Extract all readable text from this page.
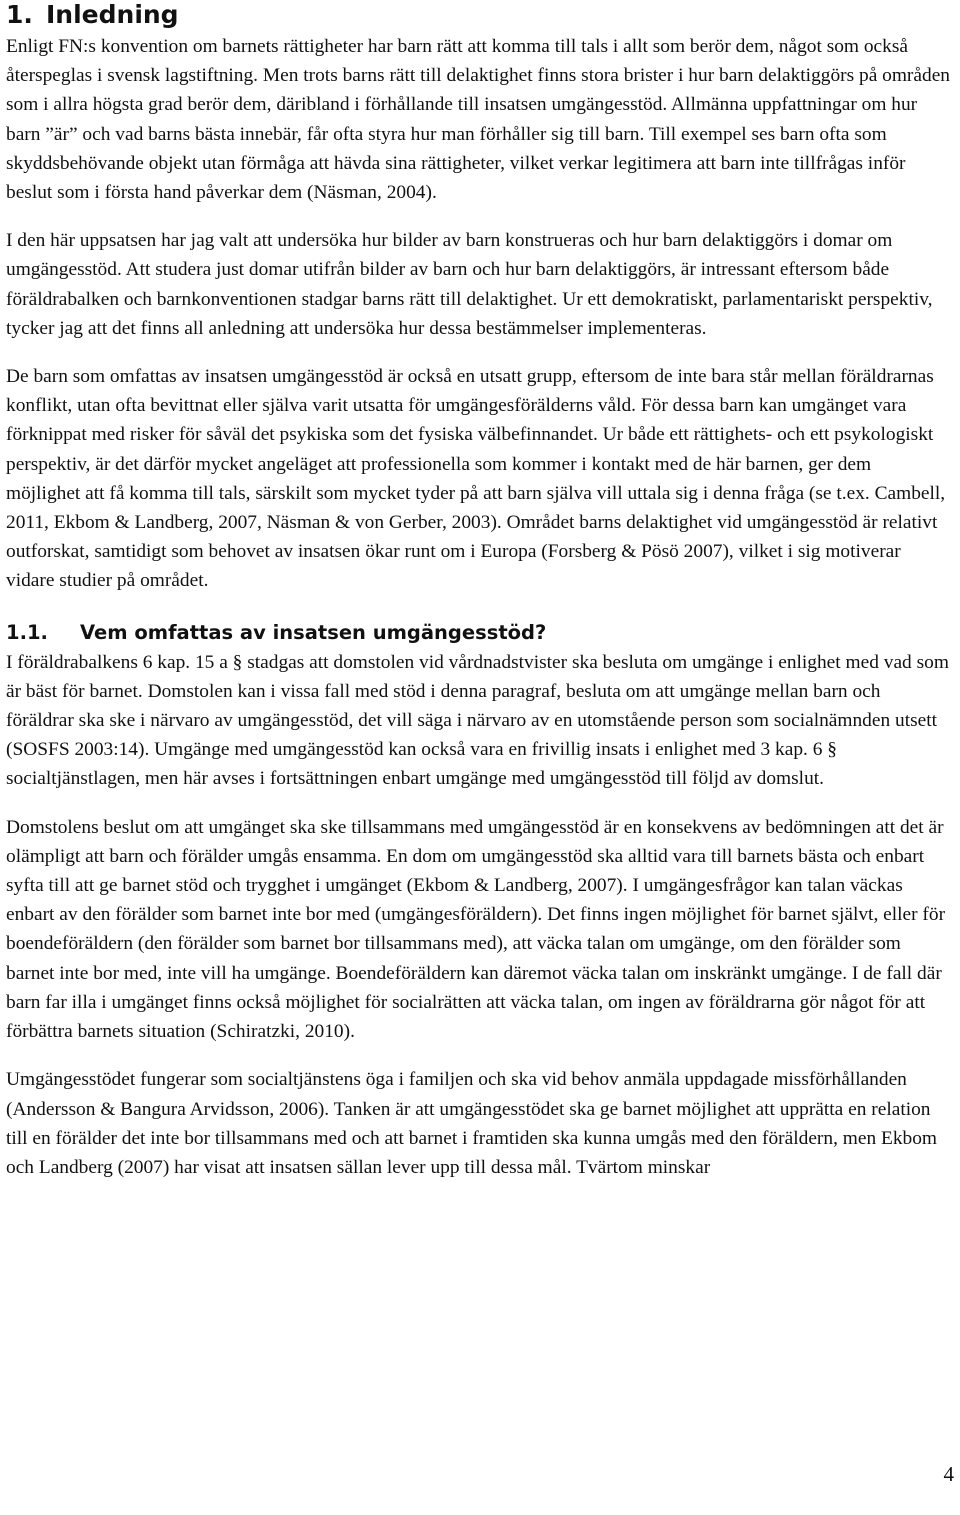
1. Inledning

Enligt FN:s konvention om barnets rättigheter har barn rätt att komma till tals i allt som berör dem, något som också återspeglas i svensk lagstiftning. Men trots barns rätt till delaktighet finns stora brister i hur barn delaktiggörs på områden som i allra högsta grad berör dem, däribland i förhållande till insatsen umgängesstöd. Allmänna uppfattningar om hur barn ”är” och vad barns bästa innebär, får ofta styra hur man förhåller sig till barn. Till exempel ses barn ofta som skyddsbehövande objekt utan förmåga att hävda sina rättigheter, vilket verkar legitimera att barn inte tillfrågas inför beslut som i första hand påverkar dem (Näsman, 2004).

I den här uppsatsen har jag valt att undersöka hur bilder av barn konstrueras och hur barn delaktiggörs i domar om umgängesstöd. Att studera just domar utifrån bilder av barn och hur barn delaktiggörs, är intressant eftersom både föräldrabalken och barnkonventionen stadgar barns rätt till delaktighet. Ur ett demokratiskt, parlamentariskt perspektiv, tycker jag att det finns all anledning att undersöka hur dessa bestämmelser implementeras.

De barn som omfattas av insatsen umgängesstöd är också en utsatt grupp, eftersom de inte bara står mellan föräldrarnas konflikt, utan ofta bevittnat eller själva varit utsatta för umgängesförälderns våld. För dessa barn kan umgänget vara förknippat med risker för såväl det psykiska som det fysiska välbefinnandet. Ur både ett rättighets- och ett psykologiskt perspektiv, är det därför mycket angeläget att professionella som kommer i kontakt med de här barnen, ger dem möjlighet att få komma till tals, särskilt som mycket tyder på att barn själva vill uttala sig i denna fråga (se t.ex. Cambell, 2011, Ekbom & Landberg, 2007, Näsman & von Gerber, 2003). Området barns delaktighet vid umgängesstöd är relativt outforskat, samtidigt som behovet av insatsen ökar runt om i Europa (Forsberg & Pösö 2007), vilket i sig motiverar vidare studier på området.

1.1. Vem omfattas av insatsen umgängesstöd?

I föräldrabalkens 6 kap. 15 a § stadgas att domstolen vid vårdnadstvister ska besluta om umgänge i enlighet med vad som är bäst för barnet. Domstolen kan i vissa fall med stöd i denna paragraf, besluta om att umgänge mellan barn och föräldrar ska ske i närvaro av umgängesstöd, det vill säga i närvaro av en utomstående person som socialnämnden utsett (SOSFS 2003:14). Umgänge med umgängesstöd kan också vara en frivillig insats i enlighet med 3 kap. 6 § socialtjänstlagen, men här avses i fortsättningen enbart umgänge med umgängesstöd till följd av domslut.

Domstolens beslut om att umgänget ska ske tillsammans med umgängesstöd är en konsekvens av bedömningen att det är olämpligt att barn och förälder umgås ensamma. En dom om umgängesstöd ska alltid vara till barnets bästa och enbart syfta till att ge barnet stöd och trygghet i umgänget (Ekbom & Landberg, 2007). I umgängesfrågor kan talan väckas enbart av den förälder som barnet inte bor med (umgängesföräldern). Det finns ingen möjlighet för barnet självt, eller för boendeföräldern (den förälder som barnet bor tillsammans med), att väcka talan om umgänge, om den förälder som barnet inte bor med, inte vill ha umgänge. Boendeföräldern kan däremot väcka talan om inskränkt umgänge. I de fall där barn far illa i umgänget finns också möjlighet för socialrätten att väcka talan, om ingen av föräldrarna gör något för att förbättra barnets situation (Schiratzki, 2010).

Umgängesstödet fungerar som socialtjänstens öga i familjen och ska vid behov anmäla uppdagade missförhållanden (Andersson & Bangura Arvidsson, 2006). Tanken är att umgängesstödet ska ge barnet möjlighet att upprätta en relation till en förälder det inte bor tillsammans med och att barnet i framtiden ska kunna umgås med den föräldern, men Ekbom och Landberg (2007) har visat att insatsen sällan lever upp till dessa mål. Tvärtom minskar

4
